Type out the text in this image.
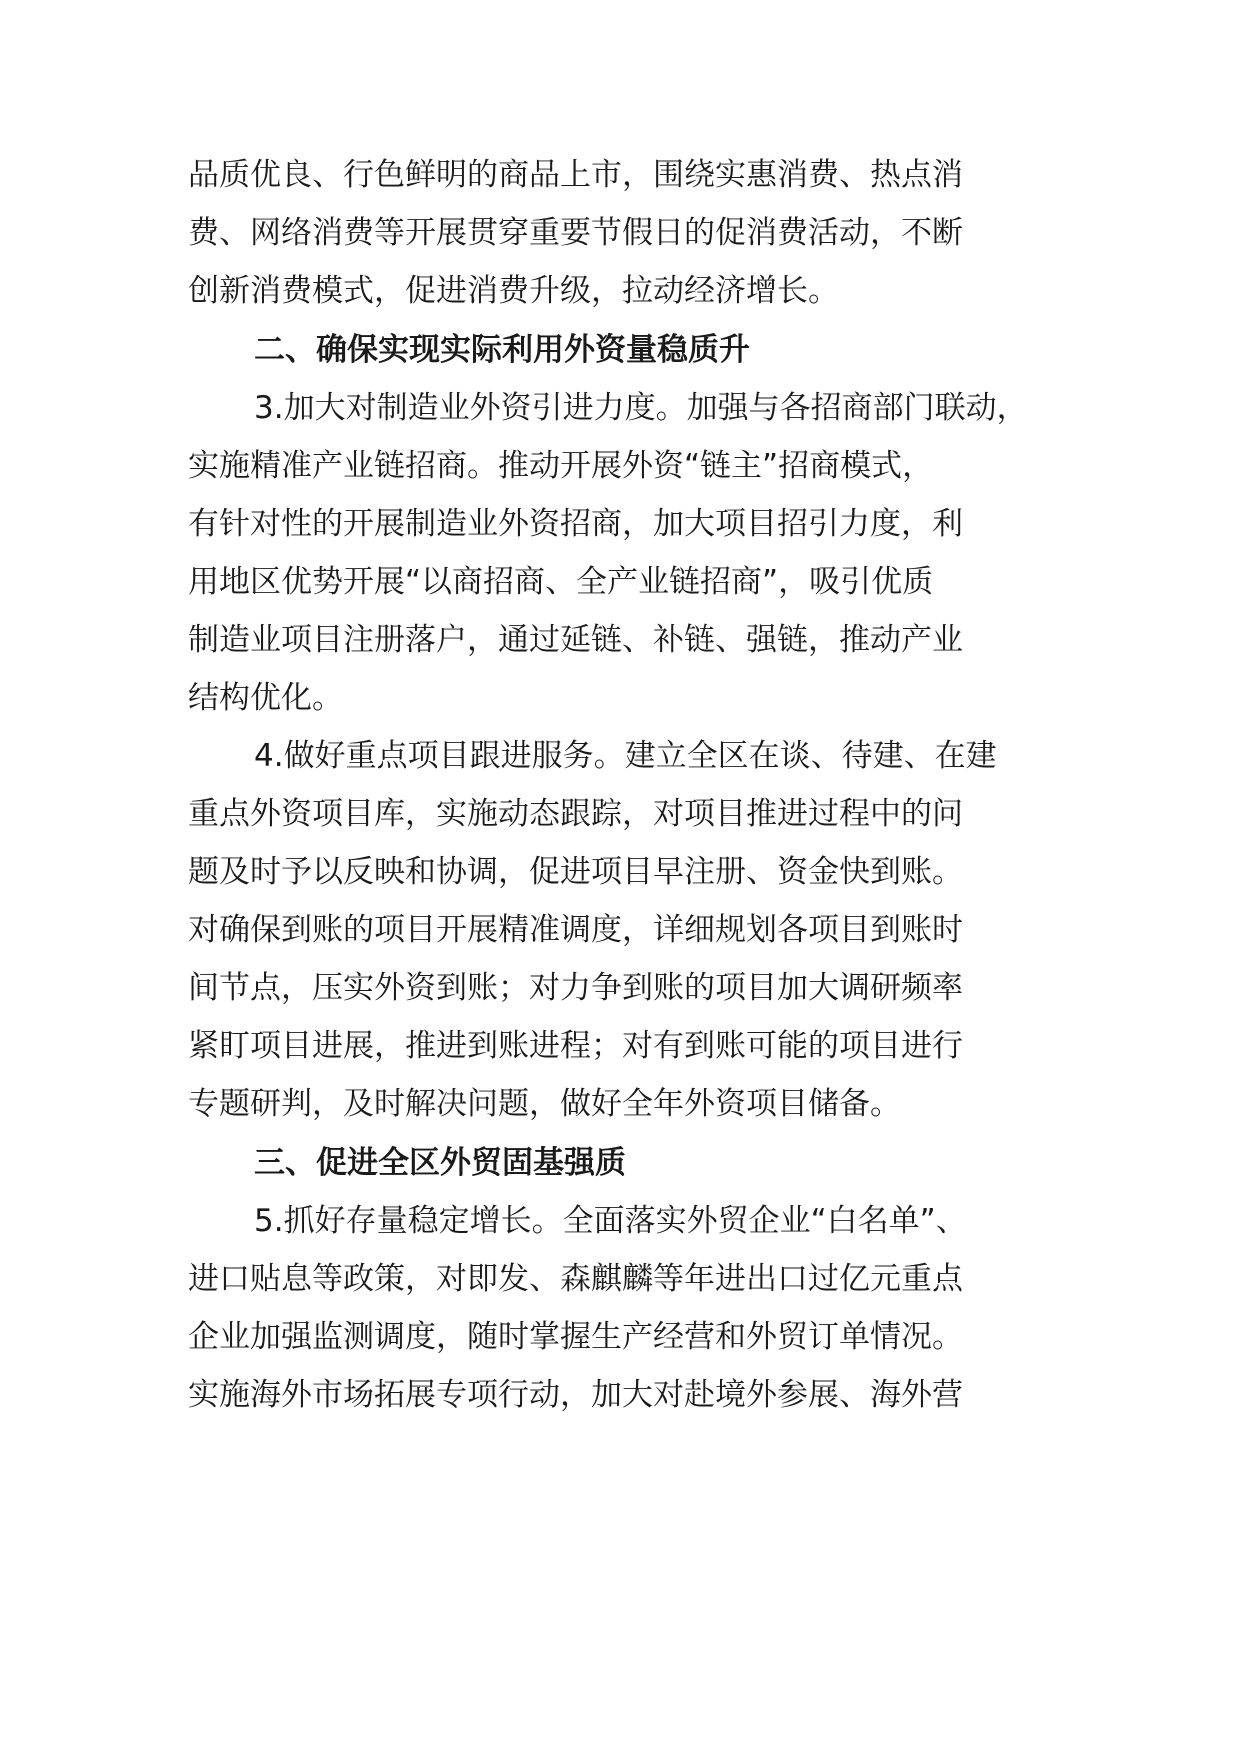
品质优良、行色鲜明的商品上市，围绕实惠消费、热点消
费、网络消费等开展贯穿重要节假日的促消费活动，不断
创新消费模式，促进消费升级，拉动经济增长。
二、确保实现实际利用外资量稳质升
3.加大对制造业外资引进力度。加强与各招商部门联动，
实施精准产业链招商。推动开展外资“链主”招商模式，
有针对性的开展制造业外资招商，加大项目招引力度，利
用地区优势开展“以商招商、全产业链招商”，吸引优质
制造业项目注册落户，通过延链、补链、强链，推动产业
结构优化。
4.做好重点项目跟进服务。建立全区在谈、待建、在建
重点外资项目库，实施动态跟踪，对项目推进过程中的问
题及时予以反映和协调，促进项目早注册、资金快到账。
对确保到账的项目开展精准调度，详细规划各项目到账时
间节点，压实外资到账；对力争到账的项目加大调研频率
紧盯项目进展，推进到账进程；对有到账可能的项目进行
专题研判，及时解决问题，做好全年外资项目储备。
三、促进全区外贸固基强质
5.抓好存量稳定增长。全面落实外贸企业“白名单”、
进口贴息等政策，对即发、森麒麟等年进出口过亿元重点
企业加强监测调度，随时掌握生产经营和外贸订单情况。
实施海外市场拓展专项行动，加大对赴境外参展、海外营
